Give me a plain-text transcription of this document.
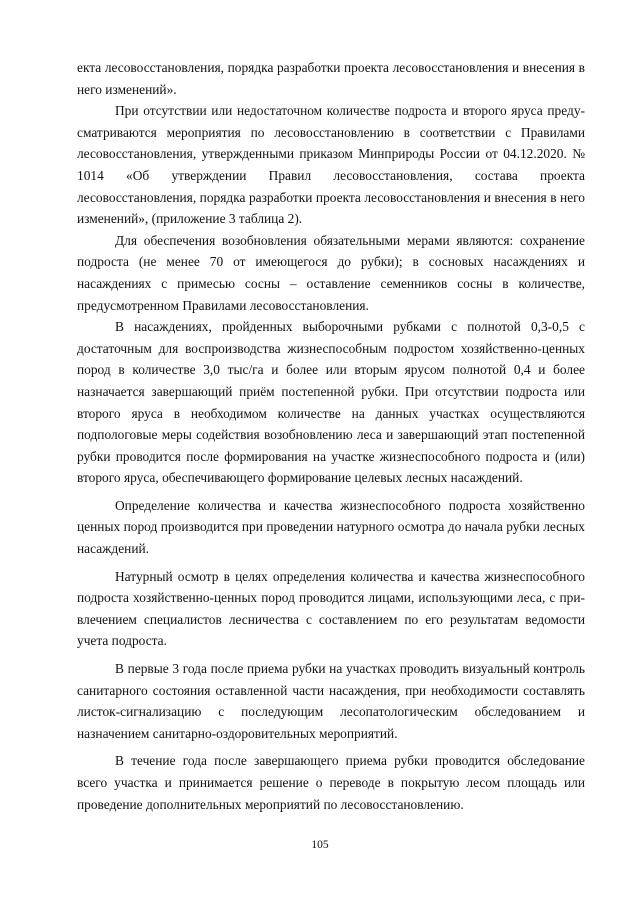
екта лесовосстановления, порядка разработки проекта лесовосстановления и внесения в него изменений».

При отсутствии или недостаточном количестве подроста и второго яруса предусматриваются мероприятия по лесовосстановлению в соответствии с Правилами лесовосстановления, утвержденными приказом Минприроды России от 04.12.2020. № 1014 «Об утверждении Правил лесовосстановления, состава проекта лесовосстановления, порядка разработки проекта лесовосстановления и внесения в него изменений», (приложение 3 таблица 2).

Для обеспечения возобновления обязательными мерами являются: сохранение подроста (не менее 70 от имеющегося до рубки); в сосновых насаждениях и насаждениях с примесью сосны – оставление семенников сосны в количестве, предусмотренном Правилами лесовосстановления.

В насаждениях, пройденных выборочными рубками с полнотой 0,3-0,5 с достаточным для воспроизводства жизнеспособным подростом хозяйственно-ценных пород в количестве 3,0 тыс/га и более или вторым ярусом полнотой 0,4 и более назначается завершающий приём постепенной рубки. При отсутствии подроста или второго яруса в необходимом количестве на данных участках осуществляются подпологовые меры содействия возобновлению леса и завершающий этап постепенной рубки проводится после формирования на участке жизнеспособного подроста и (или) второго яруса, обеспечивающего формирование целевых лесных насаждений.

Определение количества и качества жизнеспособного подроста хозяйственно ценных пород производится при проведении натурного осмотра до начала рубки лесных насаждений.

Натурный осмотр в целях определения количества и качества жизнеспособного подроста хозяйственно-ценных пород проводится лицами, использующими леса, с привлечением специалистов лесничества с составлением по его результатам ведомости учета подроста.

В первые 3 года после приема рубки на участках проводить визуальный контроль санитарного состояния оставленной части насаждения, при необходимости составлять листок-сигнализацию с последующим лесопатологическим обследованием и назначением санитарно-оздоровительных мероприятий.

В течение года после завершающего приема рубки проводится обследование всего участка и принимается решение о переводе в покрытую лесом площадь или проведение дополнительных мероприятий по лесовосстановлению.

105
